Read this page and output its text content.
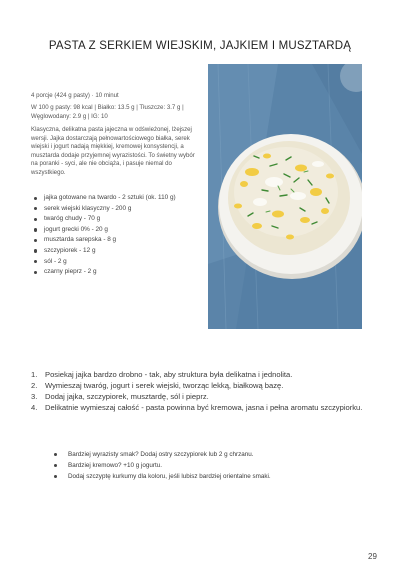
PASTA Z SERKIEM WIEJSKIM, JAJKIEM I MUSZTARDĄ
4 porcje (424 g pasty) · 10 minut
W 100 g pasty: 98 kcal | Białko: 13.5 g | Tłuszcze: 3.7 g | Węglowodany: 2.9 g | IG: 10
Klasyczna, delikatna pasta jajeczna w odświeżonej, lżejszej wersji. Jajka dostarczają pełnowartościowego białka, serek wiejski i jogurt nadają miękkiej, kremowej konsystencji, a musztarda dodaje przyjemnej wyrazistości. To świetny wybór na poranki - syci, ale nie obciąża, i pasuje niemal do wszystkiego.
jajka gotowane na twardo - 2 sztuki (ok. 110 g)
serek wiejski klasyczny - 200 g
twaróg chudy - 70 g
jogurt grecki 0% - 20 g
musztarda sarepska - 8 g
szczypiorek - 12 g
sól - 2 g
czarny pieprz - 2 g
1. Posiekaj jajka bardzo drobno - tak, aby struktura była delikatna i jednolita.
2. Wymieszaj twaróg, jogurt i serek wiejski, tworząc lekką, białkową bazę.
3. Dodaj jajka, szczypiorek, musztardę, sól i pieprz.
4. Delikatnie wymieszaj całość - pasta powinna być kremowa, jasna i pełna aromatu szczypiorku.
Bardziej wyrazisty smak? Dodaj ostry szczypiorek lub 2 g chrzanu.
Bardziej kremowo? +10 g jogurtu.
Dodaj szczyptę kurkumy dla koloru, jeśli lubisz bardziej orientalne smaki.
29
